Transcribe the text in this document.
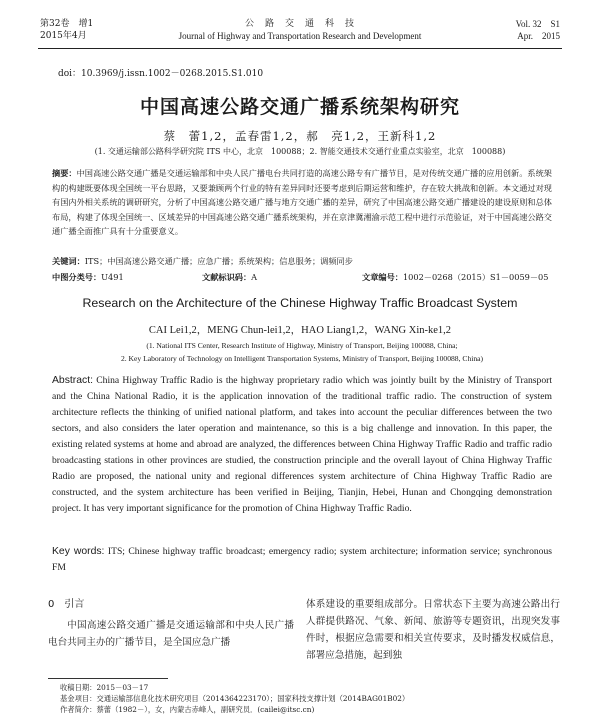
第32卷　增1
2015年4月
公　路　交　通　科　技
Journal of Highway and Transportation Research and Development
Vol. 32　S1
Apr.　2015
doi：10.3969/j.issn.1002－0268.2015.S1.010
中国高速公路交通广播系统架构研究
蔡　蕾1,2，孟春雷1,2，郝　亮1,2，王新科1,2
(1. 交通运输部公路科学研究院 ITS 中心，北京　100088；2. 智能交通技术交通行业重点实验室，北京　100088)
摘要：中国高速公路交通广播是交通运输部和中央人民广播电台共同打造的高速公路专有广播节目，是对传统交通广播的应用创新。系统架构的构建既要体现全国统一平台思路，又要兼顾两个行业的特有差异同时还要考虑到后期运营和维护，存在较大挑战和创新。本文通过对现有国内外相关系统的调研研究，分析了中国高速公路交通广播与地方交通广播的差异，研究了中国高速公路交通广播建设的建设原则和总体布局，构建了体现全国统一、区域差异的中国高速公路交通广播系统架构，并在京津冀湘渝示范工程中进行示范验证，对于中国高速公路交通广播全面推广具有十分重要意义。
关键词：ITS；中国高速公路交通广播；应急广播；系统架构；信息服务；调频同步
中图分类号：U491	文献标识码：A	文章编号：1002－0268（2015）S1－0059－05
Research on the Architecture of the Chinese Highway Traffic Broadcast System
CAI Lei1,2，MENG Chun-lei1,2，HAO Liang1,2，WANG Xin-ke1,2
(1. National ITS Center, Research Institute of Highway, Ministry of Transport, Beijing 100088, China;
2. Key Laboratory of Technology on Intelligent Transportation Systems, Ministry of Transport, Beijing 100088, China)
Abstract: China Highway Traffic Radio is the highway proprietary radio which was jointly built by the Ministry of Transport and the China National Radio, it is the application innovation of the traditional traffic radio. The construction of system architecture reflects the thinking of unified national platform, and takes into account the peculiar differences between the two sectors, and also considers the later operation and maintenance, so this is a big challenge and innovation. In this paper, the existing related systems at home and abroad are analyzed, the differences between China Highway Traffic Radio and traffic radio broadcasting stations in other provinces are studied, the construction principle and the overall layout of China Highway Traffic Radio are proposed, the national unity and regional differences system architecture of China Highway Traffic Radio are constructed, and the system architecture has been verified in Beijing, Tianjin, Hebei, Hunan and Chongqing demonstration project. It has very important significance for the promotion of China Highway Traffic Radio.
Key words: ITS; Chinese highway traffic broadcast; emergency radio; system architecture; information service; synchronous FM
0　引言
中国高速公路交通广播是交通运输部和中央人民广播电台共同主办的广播节目，是全国应急广播
体系建设的重要组成部分。日常状态下主要为高速公路出行人群提供路况、气象、新闻、旅游等专题资讯，出现突发事件时，根据应急需要和相关宣传要求，及时播发权威信息，部署应急措施，起到独
收稿日期：2015－03－17
基金项目：交通运输部信息化技术研究项目（2014364223170）；国家科技支撑计划（2014BAG01B02）
作者简介：蔡蕾（1982－），女，内蒙古赤峰人，副研究员．(cailei@itsc.cn)
